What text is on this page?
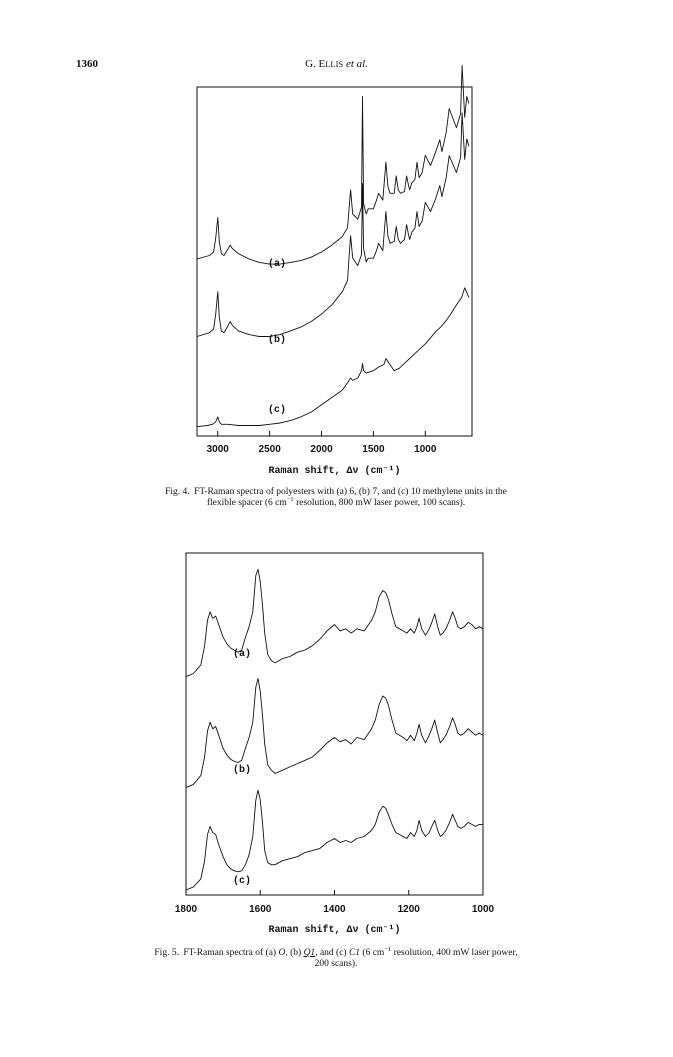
1360	G. ELLIS et al.
(a)
(b)
(c)
3000	2500	2000	1500	1000
Raman shift, Δν (cm⁻¹)
(a)
(b)
(c)
1800	1600	1400	1200	1000
Raman shift, Δν (cm⁻¹)
Fig. 4. FT-Raman spectra of polyesters with (a) 6, (b) 7, and (c) 10 methylene units in the
flexible spacer (6 $cm^{-1}$ resolution, 800 mW laser power, 100 scans).
Fig. 5. FT-Raman spectra of (a) O, (b) Q1, and (c) C1 (6 $cm^{-1}$ resolution, 400 mW laser power,
200 scans).
